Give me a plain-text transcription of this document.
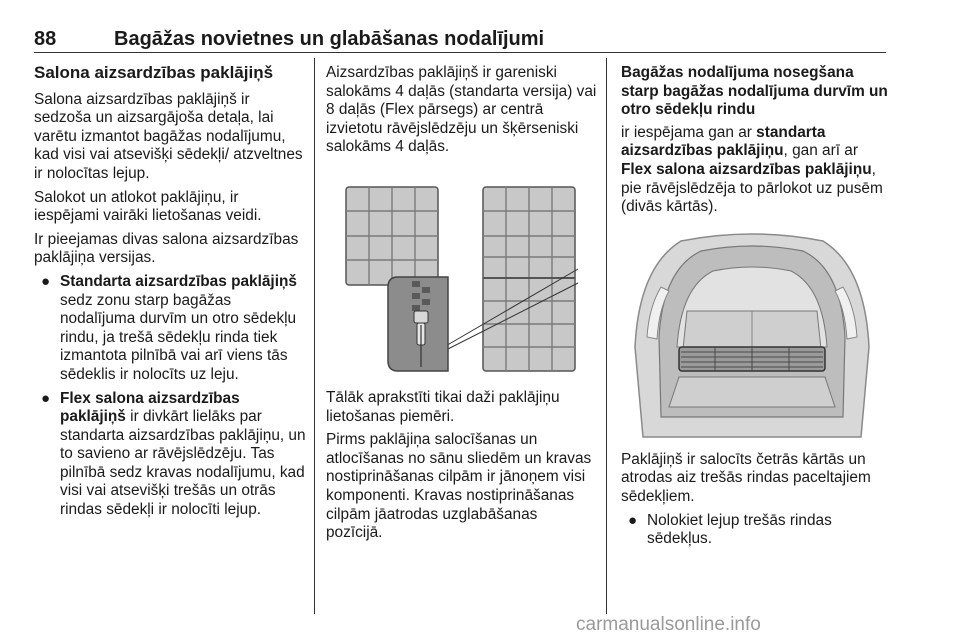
88	Bagāžas novietnes un glabāšanas nodalījumi
Salona aizsardzības paklājiņš

Salona aizsardzības paklājiņš ir sedzoša un aizsargājoša detaļa, lai varētu izmantot bagāžas nodalījumu, kad visi vai atsevišķi sēdekļi/ atzveltnes ir nolocītas lejup.

Salokot un atlokot paklājiņu, ir iespējami vairāki lietošanas veidi.

Ir pieejamas divas salona aizsardzības paklājiņa versijas.

● Standarta aizsardzības paklājiņš sedz zonu starp bagāžas nodalījuma durvīm un otro sēdekļu rindu, ja trešā sēdekļu rinda tiek izmantota pilnībā vai arī viens tās sēdeklis ir nolocīts uz leju.
● Flex salona aizsardzības paklājiņš ir divkārt lielāks par standarta aizsardzības paklājiņu, un to savieno ar rāvējslēdzēju. Tas pilnībā sedz kravas nodalījumu, kad visi vai atsevišķi trešās un otrās rindas sēdekļi ir nolocīti lejup.

Aizsardzības paklājiņš ir gareniski salokāms 4 daļās (standarta versija) vai 8 daļās (Flex pārsegs) ar centrā izvietotu rāvējslēdzēju un šķērseniski salokāms 4 daļās.

Tālāk aprakstīti tikai daži paklājiņu lietošanas piemēri.

Pirms paklājiņa salocīšanas un atlocīšanas no sānu sliedēm un kravas nostiprināšanas cilpām ir jānoņem visi komponenti. Kravas nostiprināšanas cilpām jāatrodas uzglabāšanas pozīcijā.

Bagāžas nodalījuma nosegšana starp bagāžas nodalījuma durvīm un otro sēdekļu rindu

ir iespējama gan ar standarta aizsardzības paklājiņu, gan arī ar Flex salona aizsardzības paklājiņu, pie rāvējslēdzēja to pārlokot uz pusēm (divās kārtās).

Paklājiņš ir salocīts četrās kārtās un atrodas aiz trešās rindas paceltajiem sēdekļiem.

● Nolokiet lejup trešās rindas sēdekļus.
carmanualsonline.info
